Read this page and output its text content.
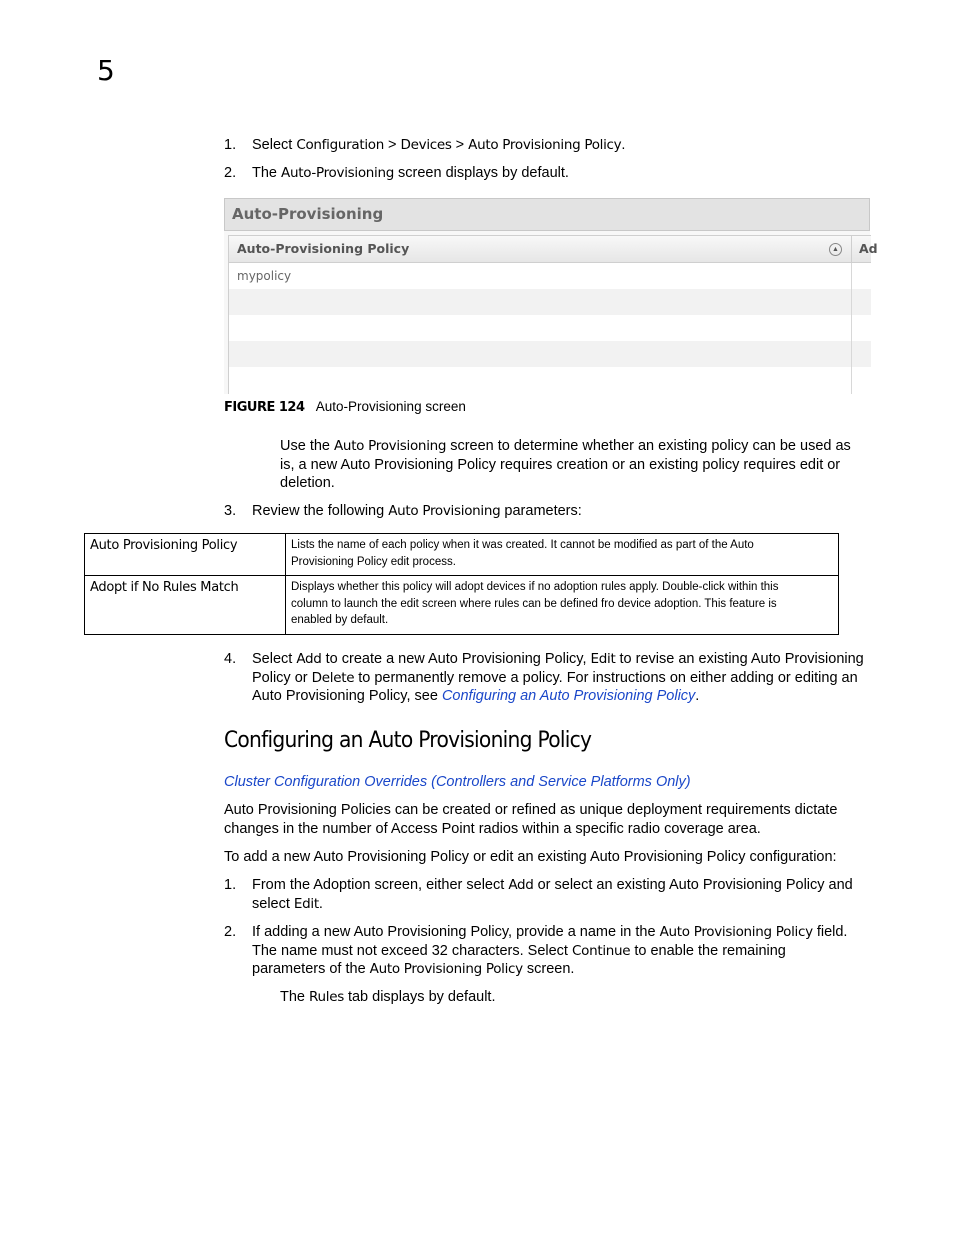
5
1. Select Configuration > Devices > Auto Provisioning Policy.
2. The Auto-Provisioning screen displays by default.
Auto-Provisioning
Auto-Provisioning Policy	▲ Ad
mypolicy
FIGURE 124 Auto-Provisioning screen
Use the Auto Provisioning screen to determine whether an existing policy can be used as
is, a new Auto Provisioning Policy requires creation or an existing policy requires edit or
deletion.
3. Review the following Auto Provisioning parameters:
Auto Provisioning Policy	Lists the name of each policy when it was created. It cannot be modified as part of the Auto
Provisioning Policy edit process.

Adopt if No Rules Match	Displays whether this policy will adopt devices if no adoption rules apply. Double-click within this
column to launch the edit screen where rules can be defined fro device adoption. This feature is
enabled by default.
4. Select Add to create a new Auto Provisioning Policy, Edit to revise an existing Auto Provisioning
Policy or Delete to permanently remove a policy. For instructions on either adding or editing an
Auto Provisioning Policy, see Configuring an Auto Provisioning Policy.
Configuring an Auto Provisioning Policy
Cluster Configuration Overrides (Controllers and Service Platforms Only)
Auto Provisioning Policies can be created or refined as unique deployment requirements dictate
changes in the number of Access Point radios within a specific radio coverage area.
To add a new Auto Provisioning Policy or edit an existing Auto Provisioning Policy configuration:
1. From the Adoption screen, either select Add or select an existing Auto Provisioning Policy and
select Edit.
2. If adding a new Auto Provisioning Policy, provide a name in the Auto Provisioning Policy field.
The name must not exceed 32 characters. Select Continue to enable the remaining
parameters of the Auto Provisioning Policy screen.
The Rules tab displays by default.
